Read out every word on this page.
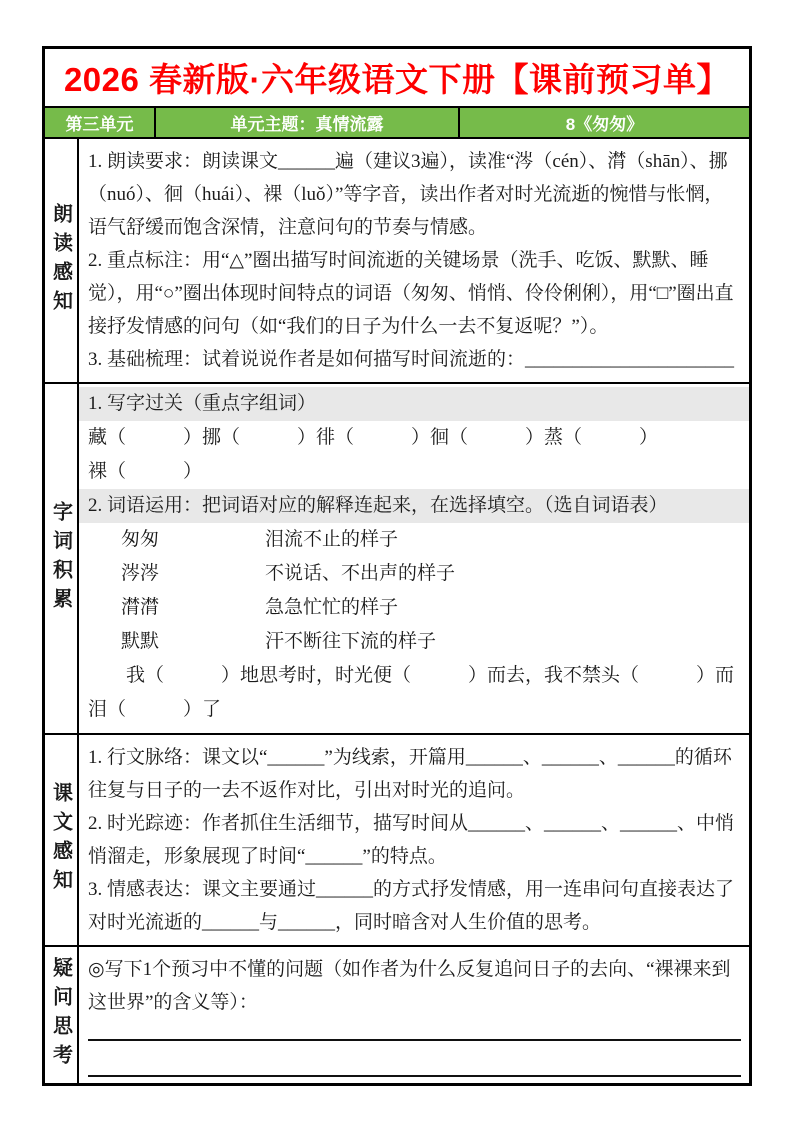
2026 春新版·六年级语文下册【课前预习单】
第三单元	单元主题：真情流露	8《匆匆》
朗读感知

1. 朗读要求：朗读课文______遍（建议3遍），读准“涔（cén）、潸（shān）、挪（nuó）、徊（huái）、裸（luǒ）”等字音，读出作者对时光流逝的惋惜与怅惘，语气舒缓而饱含深情，注意问句的节奏与情感。

2. 重点标注：用“△”圈出描写时间流逝的关键场景（洗手、吃饭、默默、睡觉），用“○”圈出体现时间特点的词语（匆匆、悄悄、伶伶俐俐），用“□”圈出直接抒发情感的问句（如“我们的日子为什么一去不复返呢？”）。

3. 基础梳理：试着说说作者是如何描写时间流逝的：______________________

字词积累
1. 写字过关（重点字组词）

藏（　　　）挪（　　　）徘（　　　）徊（　　　）蒸（　　　）

裸（　　　）

2. 词语运用：把词语对应的解释连起来，在选择填空。（选自词语表）
匆匆	泪流不止的样子
涔涔	不说话、不出声的样子
潸潸	急急忙忙的样子
默默	汗不断往下流的样子

我（　　　）地思考时，时光便（　　　）而去，我不禁头（　　　）而泪（　　　）了

课文感知

1. 行文脉络：课文以“______”为线索，开篇用______、______、______的循环往复与日子的一去不返作对比，引出对时光的追问。

2. 时光踪迹：作者抓住生活细节，描写时间从______、______、______、中悄悄溜走，形象展现了时间“______”的特点。

3. 情感表达：课文主要通过______的方式抒发情感，用一连串问句直接表达了对时光流逝的______与______，同时暗含对人生价值的思考。

疑问思考 ◎写下1个预习中不懂的问题（如作者为什么反复追问日子的去向、“裸裸来到这世界”的含义等）：
